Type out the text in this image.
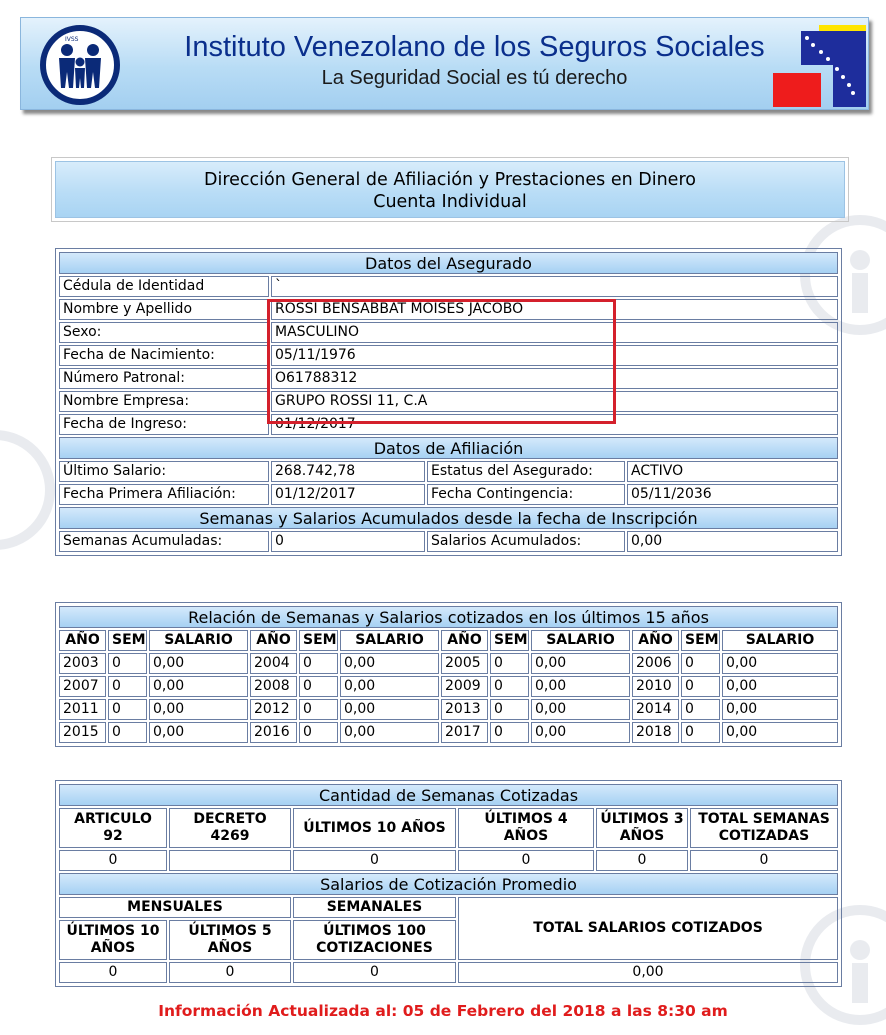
IVSS	Instituto Venezolano de los Seguros Sociales
La Seguridad Social es tú derecho
Dirección General de Afiliación y Prestaciones en Dinero
Cuenta Individual
Datos del Asegurado			
Cédula de Identidad	`		
Nombre y Apellido	ROSSI BENSABBAT MOISES JACOBO		
Sexo:	MASCULINO		
Fecha de Nacimiento:	05/11/1976		
Número Patronal:	O61788312		
Nombre Empresa:	GRUPO ROSSI 11, C.A		
Fecha de Ingreso:	01/12/2017		
Datos de Afiliación			
Último Salario:	268.742,78	Estatus del Asegurado:	ACTIVO
Fecha Primera Afiliación:	01/12/2017	Fecha Contingencia:	05/11/2036
Semanas y Salarios Acumulados desde la fecha de Inscripción			
Semanas Acumuladas:	0	Salarios Acumulados:	0,00
Relación de Semanas y Salarios cotizados en los últimos 15 años											
AÑO	SEM	SALARIO	AÑO	SEM	SALARIO	AÑO	SEM	SALARIO	AÑO	SEM	SALARIO
2003	0	0,00	2004	0	0,00	2005	0	0,00	2006	0	0,00
2007	0	0,00	2008	0	0,00	2009	0	0,00	2010	0	0,00
2011	0	0,00	2012	0	0,00	2013	0	0,00	2014	0	0,00
2015	0	0,00	2016	0	0,00	2017	0	0,00	2018	0	0,00
Cantidad de Semanas Cotizadas					
ARTICULO 92	DECRETO 4269	ÚLTIMOS 10 AÑOS	ÚLTIMOS 4 AÑOS	ÚLTIMOS 3 AÑOS	TOTAL SEMANAS COTIZADAS
0		0	0	0	0
Salarios de Cotización Promedio					
MENSUALES		SEMANALES	TOTAL SALARIOS COTIZADOS		
ÚLTIMOS 10 AÑOS	ÚLTIMOS 5 AÑOS	ÚLTIMOS 100 COTIZACIONES			
0	0	0	0,00		
Información Actualizada al: 05 de Febrero del 2018 a las 8:30 am
